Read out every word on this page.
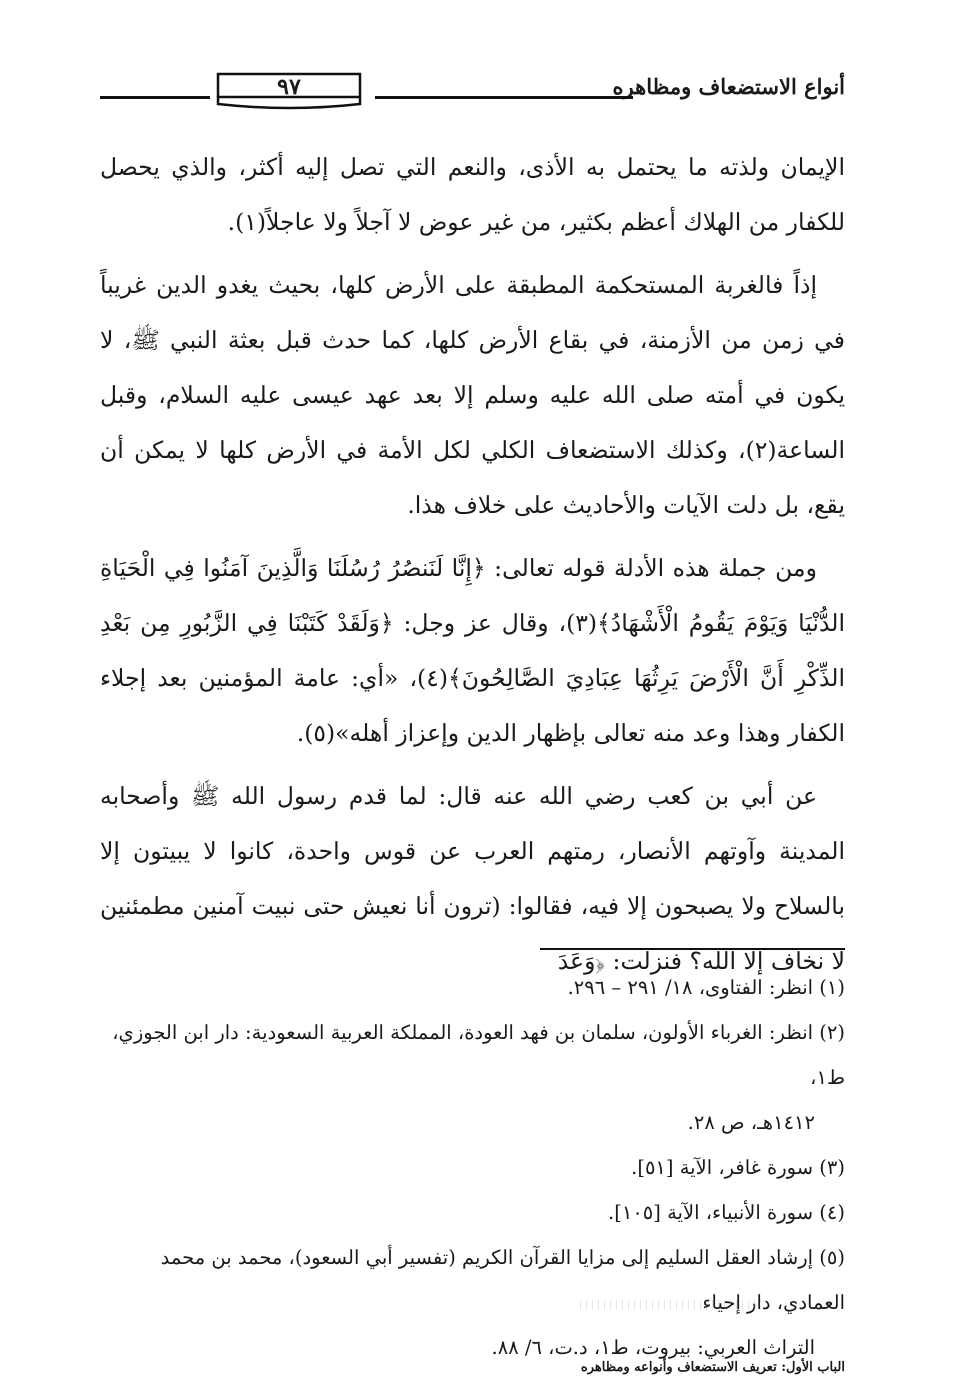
أنواع الاستضعاف ومظاهره
٩٧

الإيمان ولذته ما يحتمل به الأذى، والنعم التي تصل إليه أكثر، والذي يحصل للكفار من الهلاك أعظم بكثير، من غير عوض لا آجلاً ولا عاجلاً(١).

إذاً فالغربة المستحكمة المطبقة على الأرض كلها، بحيث يغدو الدين غريباً في زمن من الأزمنة، في بقاع الأرض كلها، كما حدث قبل بعثة النبي ﷺ، لا يكون في أمته صلى الله عليه وسلم إلا بعد عهد عيسى عليه السلام، وقبل الساعة(٢)، وكذلك الاستضعاف الكلي لكل الأمة في الأرض كلها لا يمكن أن يقع، بل دلت الآيات والأحاديث على خلاف هذا.

ومن جملة هذه الأدلة قوله تعالى: ﴿إِنَّا لَنَنصُرُ رُسُلَنَا وَالَّذِينَ آمَنُوا فِي الْحَيَاةِ الدُّنْيَا وَيَوْمَ يَقُومُ الْأَشْهَادُ﴾(٣)، وقال عز وجل: ﴿وَلَقَدْ كَتَبْنَا فِي الزَّبُورِ مِن بَعْدِ الذِّكْرِ أَنَّ الْأَرْضَ يَرِثُهَا عِبَادِيَ الصَّالِحُونَ﴾(٤)، «أي: عامة المؤمنين بعد إجلاء الكفار وهذا وعد منه تعالى بإظهار الدين وإعزاز أهله»(٥).

عن أبي بن كعب رضي الله عنه قال: لما قدم رسول الله ﷺ وأصحابه المدينة وآوتهم الأنصار، رمتهم العرب عن قوس واحدة، كانوا لا يبيتون إلا بالسلاح ولا يصبحون إلا فيه، فقالوا: (ترون أنا نعيش حتى نبيت آمنين مطمئنين لا نخاف إلا الله؟ فنزلت: ﴿وَعَدَ

(١) انظر: الفتاوى، ١٨/ ٢٩١ – ٢٩٦.

(٢) انظر: الغرباء الأولون، سلمان بن فهد العودة، المملكة العربية السعودية: دار ابن الجوزي، ط١،

١٤١٢هـ، ص ٢٨.

(٣) سورة غافر، الآية [٥١].

(٤) سورة الأنبياء، الآية [١٠٥].

(٥) إرشاد العقل السليم إلى مزايا القرآن الكريم (تفسير أبي السعود)، محمد بن محمد العمادي، دار إحياء

التراث العربي: بيروت، ط١، د.ت، ٦/ ٨٨.

الباب الأول: تعريف الاستضعاف وأنواعه ومظاهره
